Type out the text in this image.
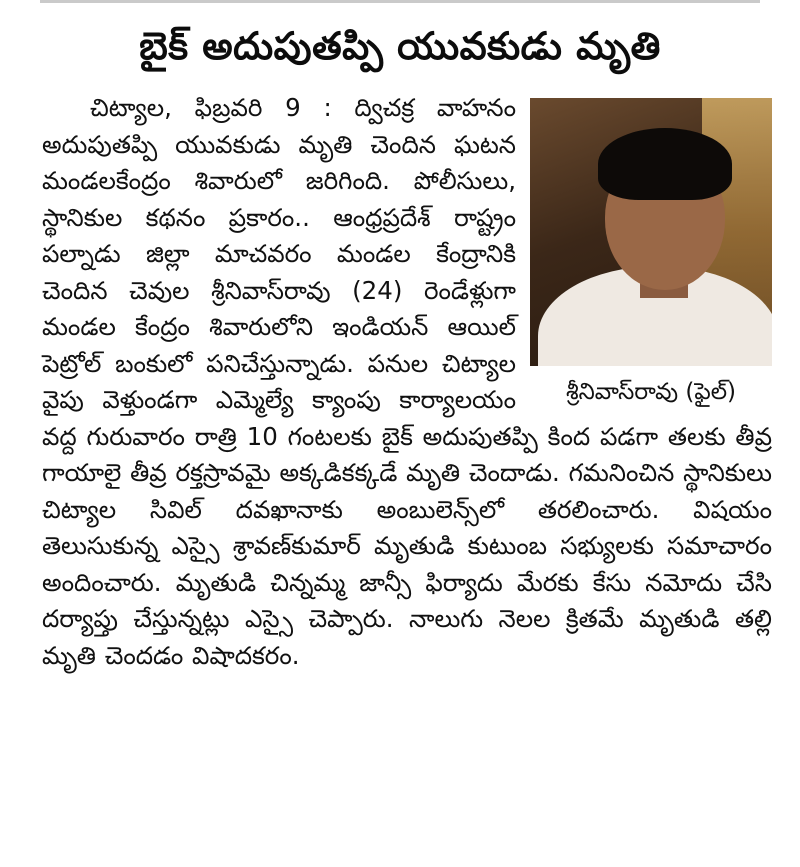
బైక్ అదుపుతప్పి యువకుడు మృతి
శ్రీనివాస్‌రావు (ఫైల్)

చిట్యాల, ఫిబ్రవరి 9 : ద్విచక్ర వాహనం అదుపుతప్పి యువకుడు మృతి చెందిన ఘటన మండలకేంద్రం శివారులో జరిగింది. పోలీసులు, స్థానికుల కథనం ప్రకారం.. ఆంధ్రప్రదేశ్ రాష్ట్రం పల్నాడు జిల్లా మాచవరం మండల కేంద్రానికి చెందిన చెవుల శ్రీనివాస్‌రావు (24) రెండేళ్లుగా మండల కేంద్రం శివారులోని ఇండియన్ ఆయిల్ పెట్రోల్ బంకులో పనిచేస్తున్నాడు. పనుల చిట్యాల వైపు వెళ్తుండగా ఎమ్మెల్యే క్యాంపు కార్యాలయం వద్ద గురువారం రాత్రి 10 గంటలకు బైక్ అదుపుతప్పి కింద పడగా తలకు తీవ్ర గాయాలై తీవ్ర రక్తస్రావమై అక్కడికక్కడే మృతి చెందాడు. గమనించిన స్థానికులు చిట్యాల సివిల్ దవఖానాకు అంబులెన్స్‌లో తరలించారు. విషయం తెలుసుకున్న ఎస్సై శ్రావణ్‌కుమార్ మృతుడి కుటుంబ సభ్యులకు సమాచారం అందించారు. మృతుడి చిన్నమ్మ జాన్సీ ఫిర్యాదు మేరకు కేసు నమోదు చేసి దర్యాప్తు చేస్తున్నట్లు ఎస్సై చెప్పారు. నాలుగు నెలల క్రితమే మృతుడి తల్లి మృతి చెందడం విషాదకరం.
